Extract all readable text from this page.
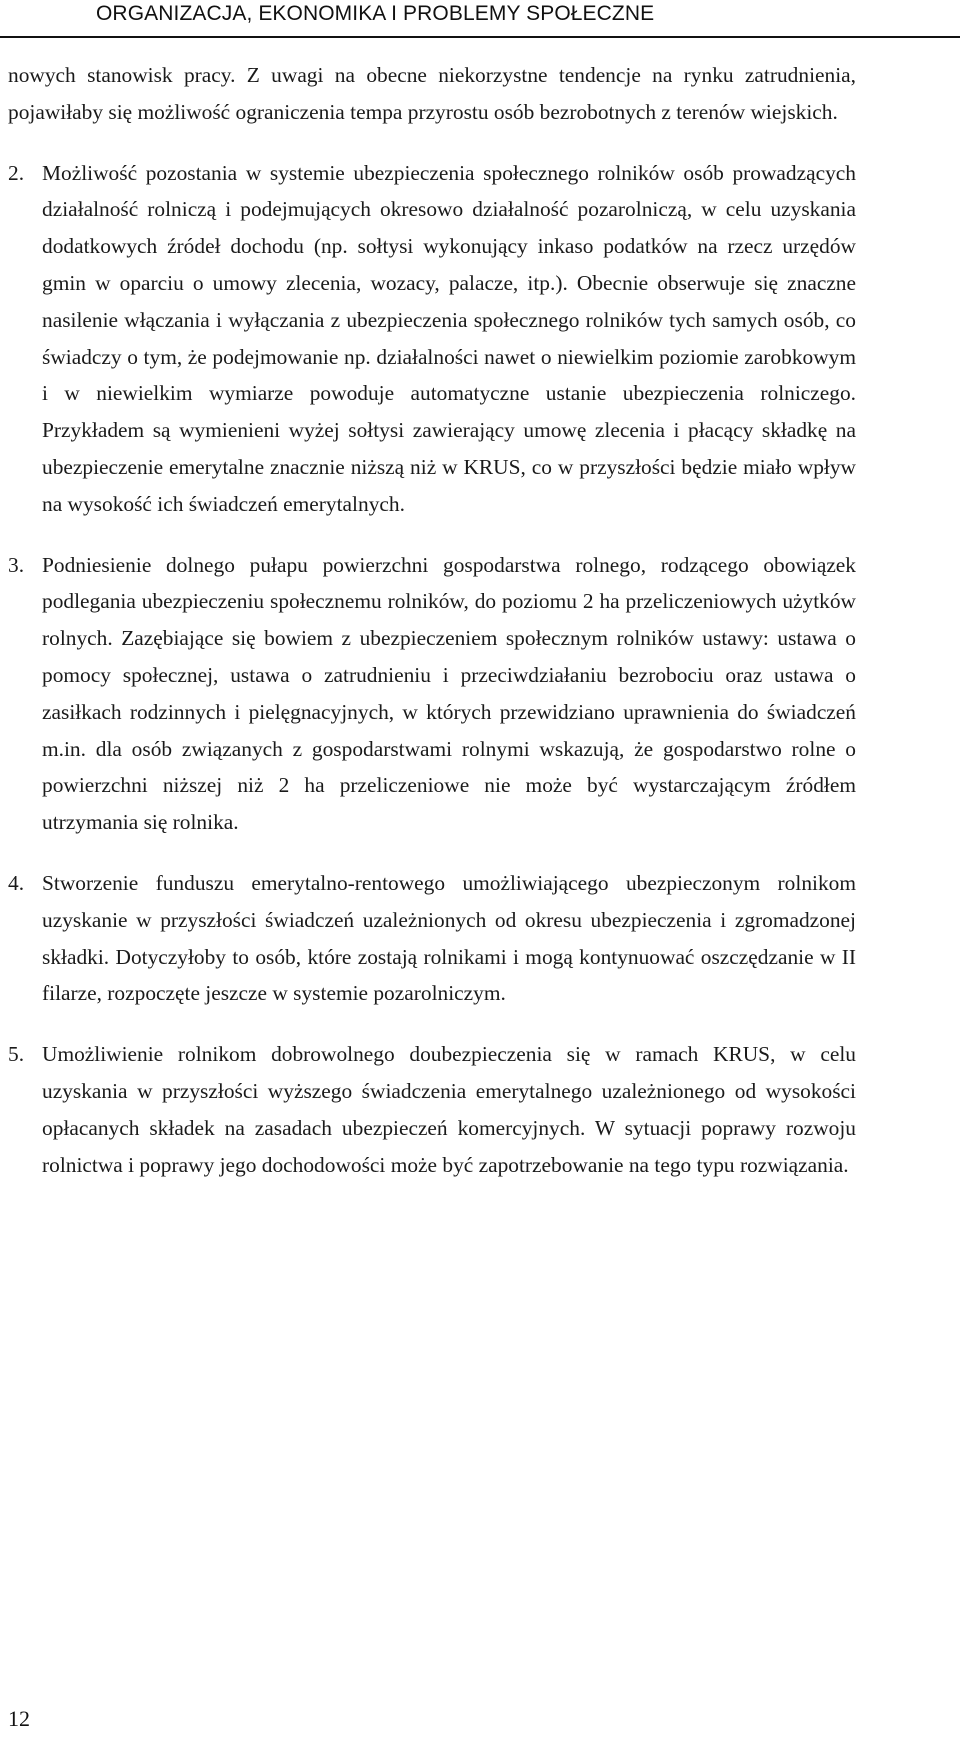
ORGANIZACJA, EKONOMIKA I PROBLEMY SPOŁECZNE

nowych stanowisk pracy. Z uwagi na obecne niekorzystne tendencje na rynku zatrudnienia, pojawiłaby się możliwość ograniczenia tempa przyrostu osób bezrobotnych z terenów wiejskich.

2. Możliwość pozostania w systemie ubezpieczenia społecznego rolników osób prowadzących działalność rolniczą i podejmujących okresowo działalność pozarolniczą, w celu uzyskania dodatkowych źródeł dochodu (np. sołtysi wykonujący inkaso podatków na rzecz urzędów gmin w oparciu o umowy zlecenia, wozacy, palacze, itp.). Obecnie obserwuje się znaczne nasilenie włączania i wyłączania z ubezpieczenia społecznego rolników tych samych osób, co świadczy o tym, że podejmowanie np. działalności nawet o niewielkim poziomie zarobkowym i w niewielkim wymiarze powoduje automatyczne ustanie ubezpieczenia rolniczego. Przykładem są wymienieni wyżej sołtysi zawierający umowę zlecenia i płacący składkę na ubezpieczenie emerytalne znacznie niższą niż w KRUS, co w przyszłości będzie miało wpływ na wysokość ich świadczeń emerytalnych.

3. Podniesienie dolnego pułapu powierzchni gospodarstwa rolnego, rodzącego obowiązek podlegania ubezpieczeniu społecznemu rolników, do poziomu 2 ha przeliczeniowych użytków rolnych. Zazębiające się bowiem z ubezpieczeniem społecznym rolników ustawy: ustawa o pomocy społecznej, ustawa o zatrudnieniu i przeciwdziałaniu bezrobociu oraz ustawa o zasiłkach rodzinnych i pielęgnacyjnych, w których przewidziano uprawnienia do świadczeń m.in. dla osób związanych z gospodarstwami rolnymi wskazują, że gospodarstwo rolne o powierzchni niższej niż 2 ha przeliczeniowe nie może być wystarczającym źródłem utrzymania się rolnika.

4. Stworzenie funduszu emerytalno-rentowego umożliwiającego ubezpieczonym rolnikom uzyskanie w przyszłości świadczeń uzależnionych od okresu ubezpieczenia i zgromadzonej składki. Dotyczyłoby to osób, które zostają rolnikami i mogą kontynuować oszczędzanie w II filarze, rozpoczęte jeszcze w systemie pozarolniczym.

5. Umożliwienie rolnikom dobrowolnego doubezpieczenia się w ramach KRUS, w celu uzyskania w przyszłości wyższego świadczenia emerytalnego uzależnionego od wysokości opłacanych składek na zasadach ubezpieczeń komercyjnych. W sytuacji poprawy rozwoju rolnictwa i poprawy jego dochodowości może być zapotrzebowanie na tego typu rozwiązania.

12
